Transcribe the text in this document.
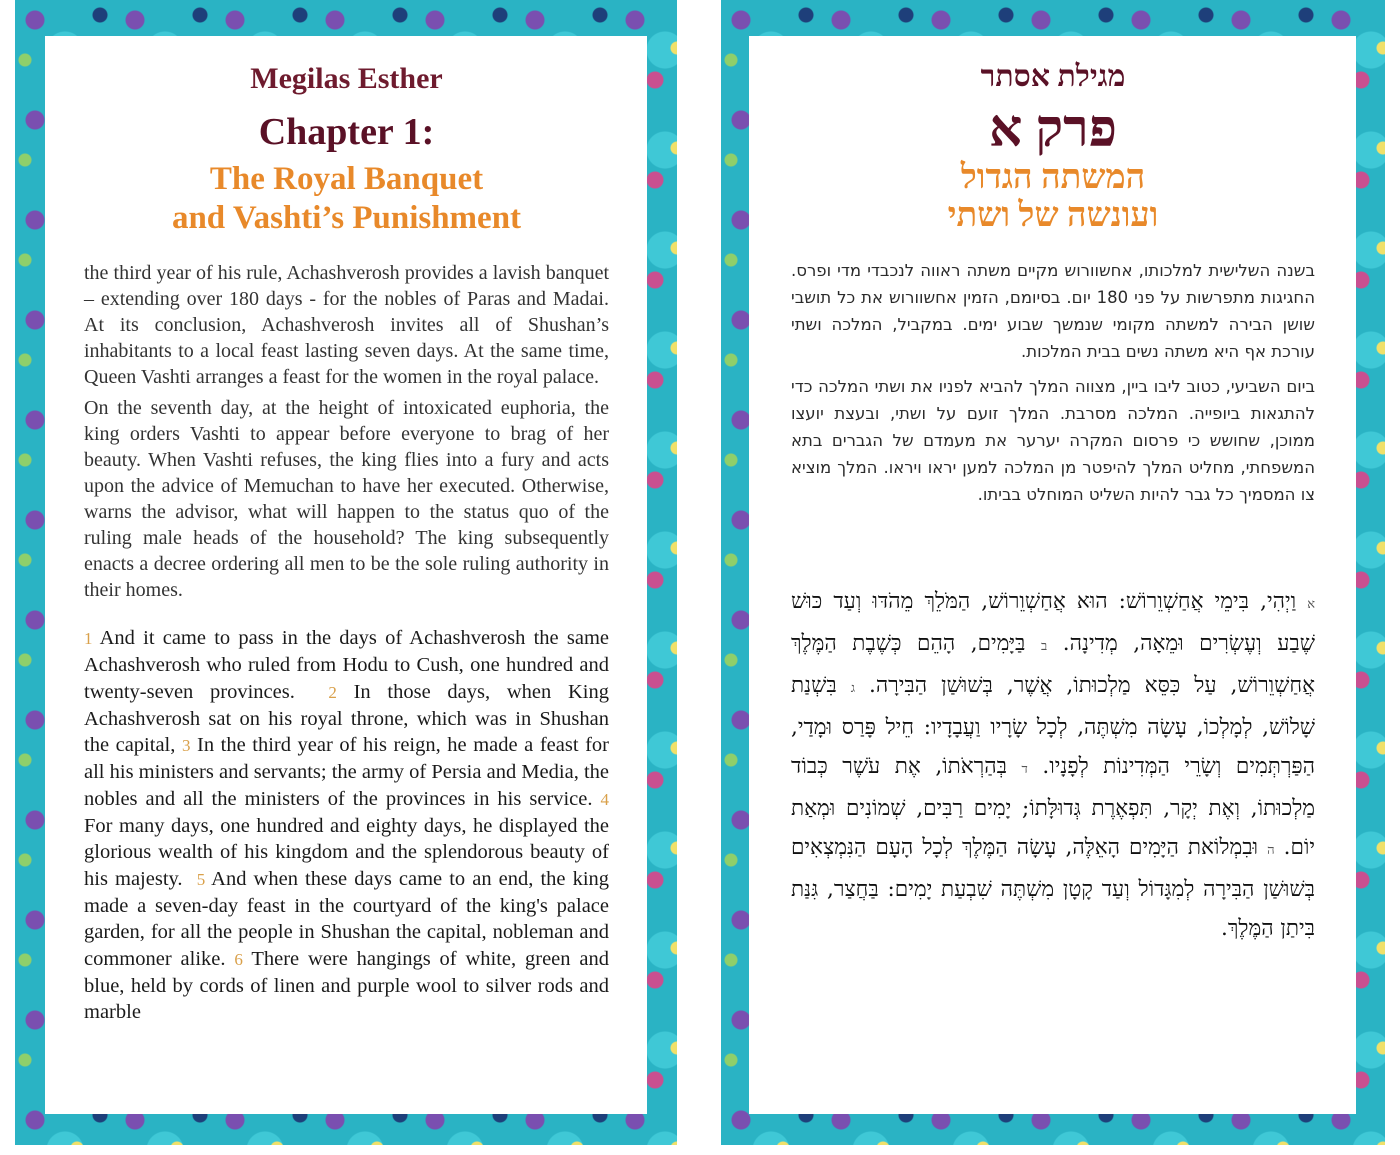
Megilas Esther
Chapter 1:
The Royal Banquet
and Vashti’s Punishment

the third year of his rule, Achashverosh provides a lavish banquet – extending over 180 days - for the nobles of Paras and Madai. At its conclusion, Achashverosh invites all of Shushan’s inhabitants to a local feast lasting seven days. At the same time, Queen Vashti arranges a feast for the women in the royal palace.

On the seventh day, at the height of intoxicated euphoria, the king orders Vashti to appear before everyone to brag of her beauty. When Vashti refuses, the king flies into a fury and acts upon the advice of Memuchan to have her executed. Otherwise, warns the advisor, what will happen to the status quo of the ruling male heads of the household? The king subsequently enacts a decree ordering all men to be the sole ruling authority in their homes.

1 And it came to pass in the days of Achashverosh the same Achashverosh who ruled from Hodu to Cush, one hundred and twenty-seven provinces. 2 In those days, when King Achashverosh sat on his royal throne, which was in Shushan the capital, 3 In the third year of his reign, he made a feast for all his ministers and servants; the army of Persia and Media, the nobles and all the ministers of the provinces in his service. 4 For many days, one hundred and eighty days, he displayed the glorious wealth of his kingdom and the splendorous beauty of his majesty. 5 And when these days came to an end, the king made a seven-day feast in the courtyard of the king's palace garden, for all the people in Shushan the capital, nobleman and commoner alike. 6 There were hangings of white, green and blue, held by cords of linen and purple wool to silver rods and marble

מגילת אסתר
פרק א
המשתה הגדול
ועונשה של ושתי

בשנה השלישית למלכותו, אחשוורוש מקיים משתה ראווה לנכבדי מדי ופרס. החגיגות מתפרשות על פני 180 יום. בסיומם, הזמין אחשוורוש את כל תושבי שושן הבירה למשתה מקומי שנמשך שבוע ימים. במקביל, המלכה ושתי עורכת אף היא משתה נשים בבית המלכות.

ביום השביעי, כטוב ליבו ביין, מצווה המלך להביא לפניו את ושתי המלכה כדי להתגאות ביופייה. המלכה מסרבת. המלך זועם על ושתי, ובעצת יועצו ממוכן, שחושש כי פרסום המקרה יערער את מעמדם של הגברים בתא המשפחתי, מחליט המלך להיפטר מן המלכה למען יראו ויראו. המלך מוציא צו המסמיך כל גבר להיות השליט המוחלט בביתו.

א וַיְהִי, בִּימֵי אֲחַשְׁוֵרוֹשׁ: הוּא אֲחַשְׁוֵרוֹשׁ, הַמֹּלֵךְ מֵהֹדּוּ וְעַד כּוּשׁ שֶׁבַע וְעֶשְׂרִים וּמֵאָה, מְדִינָה. ב בַּיָּמִים, הָהֵם כְּשֶׁבֶת הַמֶּלֶךְ אֲחַשְׁוֵרוֹשׁ, עַל כִּסֵּא מַלְכוּתוֹ, אֲשֶׁר, בְּשׁוּשַׁן הַבִּירָה. ג בִּשְׁנַת שָׁלוֹשׁ, לְמָלְכוֹ, עָשָׂה מִשְׁתֶּה, לְכָל שָׂרָיו וַעֲבָדָיו: חֵיל פָּרַס וּמָדַי, הַפַּרְתְּמִים וְשָׂרֵי הַמְּדִינוֹת לְפָנָיו. ד בְּהַרְאֹתוֹ, אֶת עֹשֶׁר כְּבוֹד מַלְכוּתוֹ, וְאֶת יְקָר, תִּפְאֶרֶת גְּדוּלָּתוֹ; יָמִים רַבִּים, שְׁמוֹנִים וּמְאַת יוֹם. ה וּבִמְלוֹאת הַיָּמִים הָאֵלֶּה, עָשָׂה הַמֶּלֶךְ לְכָל הָעָם הַנִּמְצְאִים בְּשׁוּשַׁן הַבִּירָה לְמִגָּדוֹל וְעַד קָטָן מִשְׁתֶּה שִׁבְעַת יָמִים: בַּחֲצַר, גִּנַּת בִּיתַן הַמֶּלֶךְ.
